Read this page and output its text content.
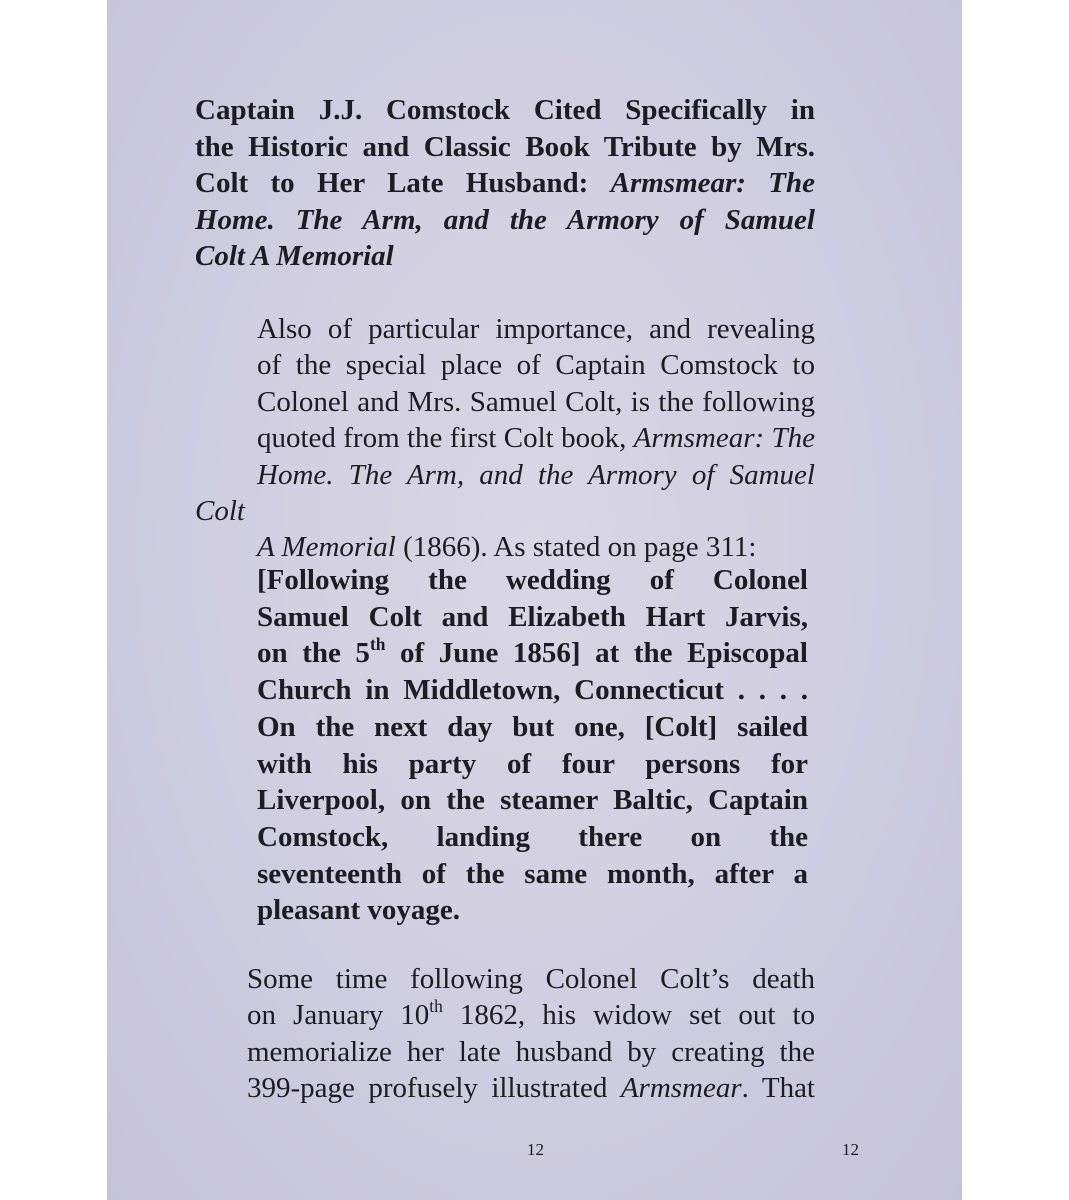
Captain J.J. Comstock Cited Specifically in
the Historic and Classic Book Tribute by Mrs.
Colt to Her Late Husband: Armsmear: The
Home. The Arm, and the Armory of Samuel
Colt A Memorial

Also of particular importance, and revealing
of the special place of Captain Comstock to
Colonel and Mrs. Samuel Colt, is the following
quoted from the first Colt book, Armsmear: The
Home. The Arm, and the Armory of Samuel Colt
A Memorial (1866). As stated on page 311:

[Following the wedding of Colonel
Samuel Colt and Elizabeth Hart Jarvis,
on the 5th of June 1856] at the Episcopal
Church in Middletown, Connecticut . . . .
On the next day but one, [Colt] sailed
with his party of four persons for
Liverpool, on the steamer Baltic, Captain
Comstock, landing there on the
seventeenth of the same month, after a
pleasant voyage.

Some time following Colonel Colt’s death
on January 10th 1862, his widow set out to
memorialize her late husband by creating the
399-page profusely illustrated Armsmear. That

12	12
